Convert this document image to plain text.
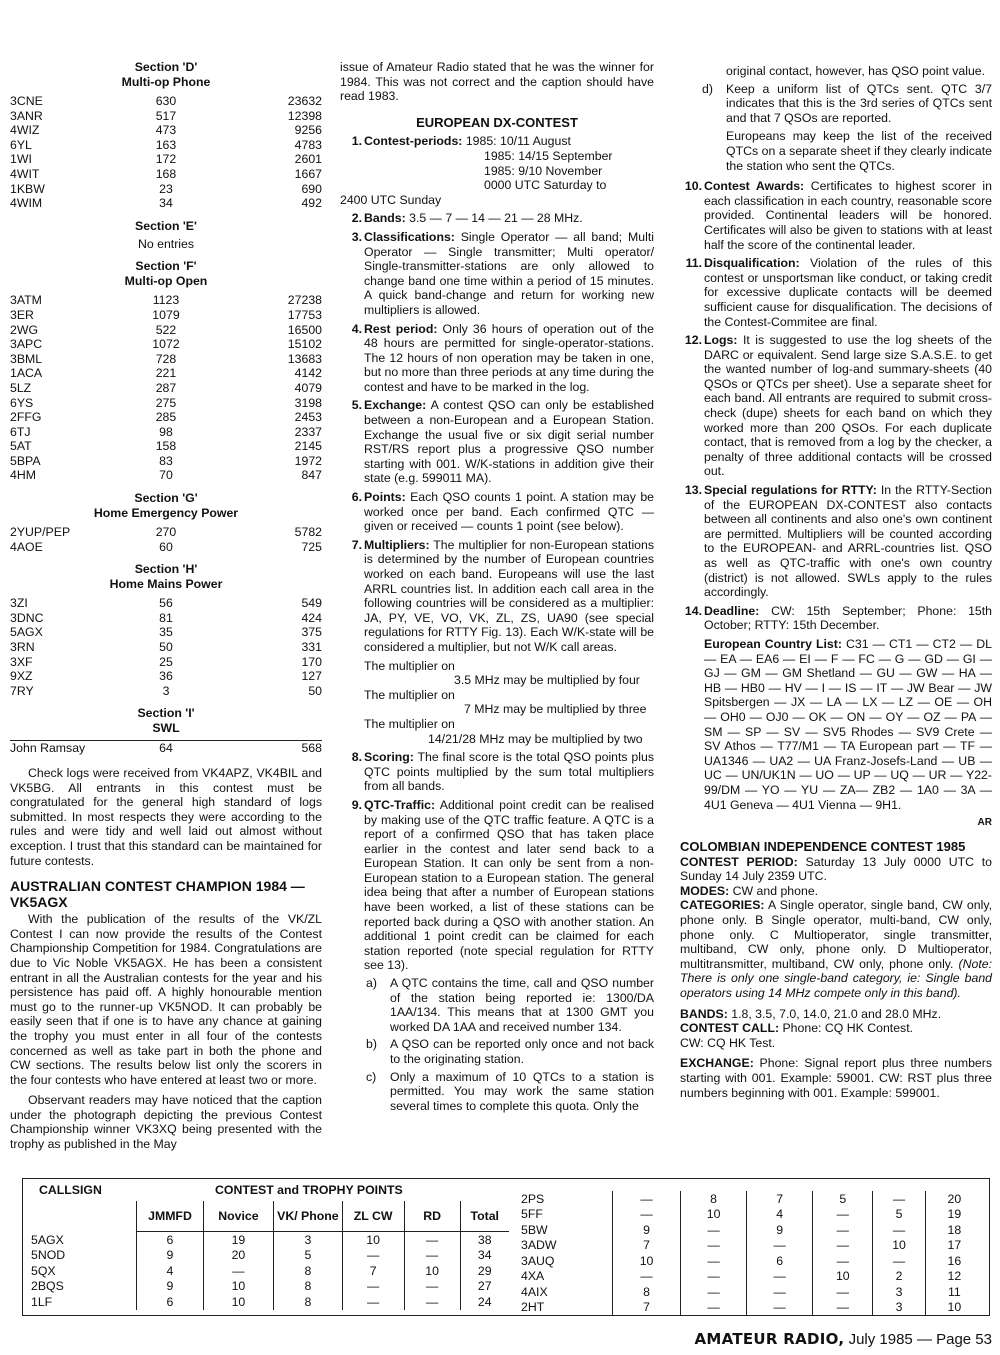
Section 'D'
Multi-op Phone
3CNE	630	23632
3ANR	517	12398
4WIZ	473	9256
6YL	163	4783
1WI	172	2601
4WIT	168	1667
1KBW	23	690
4WIM	34	492
Section 'E'
No entries
Section 'F'
Multi-op Open
3ATM	1123	27238
3ER	1079	17753
2WG	522	16500
3APC	1072	15102
3BML	728	13683
1ACA	221	4142
5LZ	287	4079
6YS	275	3198
2FFG	285	2453
6TJ	98	2337
5AT	158	2145
5BPA	83	1972
4HM	70	847
Section 'G'
Home Emergency Power
2YUP/PEP	270	5782
4AOE	60	725
Section 'H'
Home Mains Power
3ZI	56	549
3DNC	81	424
5AGX	35	375
3RN	50	331
3XF	25	170
9XZ	36	127
7RY	3	50
Section 'I'
SWL
John Ramsay	64	568

Check logs were received from VK4APZ, VK4BIL and VK5BG. All entrants in this contest must be congratulated for the general high standard of logs submitted. In most respects they were according to the rules and were tidy and well laid out almost without exception. I trust that this standard can be maintained for future contests.

AUSTRALIAN CONTEST CHAMPION 1984 — VK5AGX

With the publication of the results of the VK/ZL Contest I can now provide the results of the Contest Championship Competition for 1984. Congratulations are due to Vic Noble VK5AGX. He has been a consistent entrant in all the Australian contests for the year and his persistence has paid off. A highly honourable mention must go to the runner-up VK5NOD. It can probably be easily seen that if one is to have any chance at gaining the trophy you must enter in all four of the contests concerned as well as take part in both the phone and CW sections. The results below list only the scorers in the four contests who have entered at least two or more.

Observant readers may have noticed that the caption under the photograph depicting the previous Contest Championship winner VK3XQ being presented with the trophy as published in the May

issue of Amateur Radio stated that he was the winner for 1984. This was not correct and the caption should have read 1983.

EUROPEAN DX-CONTEST
1. Contest-periods: 1985: 10/11 August
1985: 14/15 September
1985: 9/10 November
0000 UTC Saturday to
2400 UTC Sunday
2. Bands: 3.5 — 7 — 14 — 21 — 28 MHz.
3. Classifications: Single Operator — all band; Multi Operator — Single transmitter; Multi operator/ Single-transmitter-stations are only allowed to change band one time within a period of 15 minutes. A quick band-change and return for working new multipliers is allowed.
4. Rest period: Only 36 hours of operation out of the 48 hours are permitted for single-operator-stations. The 12 hours of non operation may be taken in one, but no more than three periods at any time during the contest and have to be marked in the log.
5. Exchange: A contest QSO can only be established between a non-European and a European Station. Exchange the usual five or six digit serial number RST/RS report plus a progressive QSO number starting with 001. W/K-stations in addition give their state (e.g. 599011 MA).
6. Points: Each QSO counts 1 point. A station may be worked once per band. Each confirmed QTC — given or received — counts 1 point (see below).
7. Multipliers: The multiplier for non-European stations is determined by the number of European countries worked on each band. Europeans will use the last ARRL countries list. In addition each call area in the following countries will be considered as a multiplier: JA, PY, VE, VO, VK, ZL, ZS, UA90 (see special regulations for RTTY Fig. 13). Each W/K-state will be considered a multiplier, but not W/K call areas.
The multiplier on
3.5 MHz may be multiplied by four
The multiplier on
7 MHz may be multiplied by three
The multiplier on
14/21/28 MHz may be multiplied by two
8. Scoring: The final score is the total QSO points plus QTC points multiplied by the sum total multipliers from all bands.
9. QTC-Traffic: Additional point credit can be realised by making use of the QTC traffic feature. A QTC is a report of a confirmed QSO that has taken place earlier in the contest and later send back to a European Station. It can only be sent from a non-European station to a European station. The general idea being that after a number of European stations have been worked, a list of these stations can be reported back during a QSO with another station. An additional 1 point credit can be claimed for each station reported (note special regulation for RTTY see 13).
a) A QTC contains the time, call and QSO number of the station being reported ie: 1300/DA 1AA/134. This means that at 1300 GMT you worked DA 1AA and received number 134.
b) A QSO can be reported only once and not back to the originating station.
c) Only a maximum of 10 QTCs to a station is permitted. You may work the same station several times to complete this quota. Only the
original contact, however, has QSO point value.
d) Keep a uniform list of QTCs sent. QTC 3/7 indicates that this is the 3rd series of QTCs sent and that 7 QSOs are reported.
Europeans may keep the list of the received QTCs on a separate sheet if they clearly indicate the station who sent the QTCs.
10. Contest Awards: Certificates to highest scorer in each classification in each country, reasonable score provided. Continental leaders will be honored. Certificates will also be given to stations with at least half the score of the continental leader.
11. Disqualification: Violation of the rules of this contest or unsportsman like conduct, or taking credit for excessive duplicate contacts will be deemed sufficient cause for disqualification. The decisions of the Contest-Commitee are final.
12. Logs: It is suggested to use the log sheets of the DARC or equivalent. Send large size S.A.S.E. to get the wanted number of log-and summary-sheets (40 QSOs or QTCs per sheet). Use a separate sheet for each band. All entrants are required to submit cross-check (dupe) sheets for each band on which they worked more than 200 QSOs. For each duplicate contact, that is removed from a log by the checker, a penalty of three additional contacts will be crossed out.
13. Special regulations for RTTY: In the RTTY-Section of the EUROPEAN DX-CONTEST also contacts between all continents and also one's own continent are permitted. Multipliers will be counted according to the EUROPEAN- and ARRL-countries list. QSO as well as QTC-traffic with one's own country (district) is not allowed. SWLs apply to the rules accordingly.
14. Deadline: CW: 15th September; Phone: 15th October; RTTY: 15th December.
European Country List: C31 — CT1 — CT2 — DL — EA — EA6 — EI — F — FC — G — GD — GI — GJ — GM — GM Shetland — GU — GW — HA — HB — HB0 — HV — I — IS — IT — JW Bear — JW Spitsbergen — JX — LA — LX — LZ — OE — OH — OH0 — OJ0 — OK — ON — OY — OZ — PA — SM — SP — SV — SV5 Rhodes — SV9 Crete — SV Athos — T77/M1 — TA European part — TF — UA1346 — UA2 — UA Franz-Josefs-Land — UB — UC — UN/UK1N — UO — UP — UQ — UR — Y22-99/DM — YO — YU — ZA— ZB2 — 1A0 — 3A — 4U1 Geneva — 4U1 Vienna — 9H1.
AR
COLOMBIAN INDEPENDENCE CONTEST 1985

CONTEST PERIOD: Saturday 13 July 0000 UTC to Sunday 14 July 2359 UTC.

MODES: CW and phone.

CATEGORIES: A Single operator, single band, CW only, phone only. B Single operator, multi-band, CW only, phone only. C Multioperator, single transmitter, multiband, CW only, phone only. D Multioperator, multitransmitter, multiband, CW only, phone only. (Note: There is only one single-band category, ie: Single band operators using 14 MHz compete only in this band).

BANDS: 1.8, 3.5, 7.0, 14.0, 21.0 and 28.0 MHz.

CONTEST CALL: Phone: CQ HK Contest.

CW: CQ HK Test.

EXCHANGE: Phone: Signal report plus three numbers starting with 001. Example: 59001. CW: RST plus three numbers beginning with 001. Example: 599001.

CALLSIGN	CONTEST and TROPHY POINTS
	JMMFD	Novice	VK/ Phone	ZL CW	RD	Total
5AGX	6	19	3	10	—	38
5NOD	9	20	5	—	—	34
5QX	4	—	8	7	10	29
2BQS	9	10	8	—	—	27
1LF	6	10	8	—	—	24
2PS	—	8	7	5	—	20
5FF	—	10	4	—	5	19
5BW	9	—	9	—	—	18
3ADW	7	—	—	—	10	17
3AUQ	10	—	6	—	—	16
4XA	—	—	—	10	2	12
4AIX	8	—	—	—	3	11
2HT	7	—	—	—	3	10
AMATEUR RADIO, July 1985 — Page 53
